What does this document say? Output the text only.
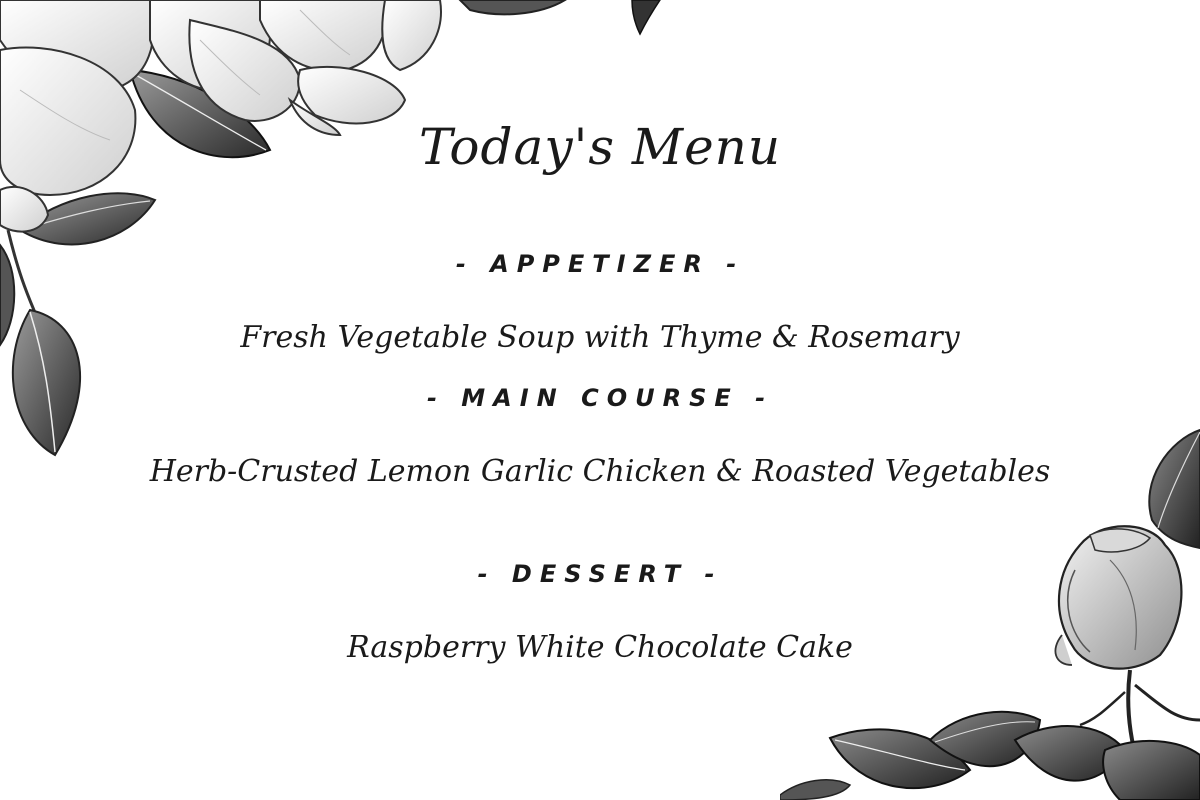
Today's Menu
- APPETIZER -
Fresh Vegetable Soup with Thyme & Rosemary
- MAIN COURSE -
Herb-Crusted Lemon Garlic Chicken & Roasted Vegetables
- DESSERT -
Raspberry White Chocolate Cake
